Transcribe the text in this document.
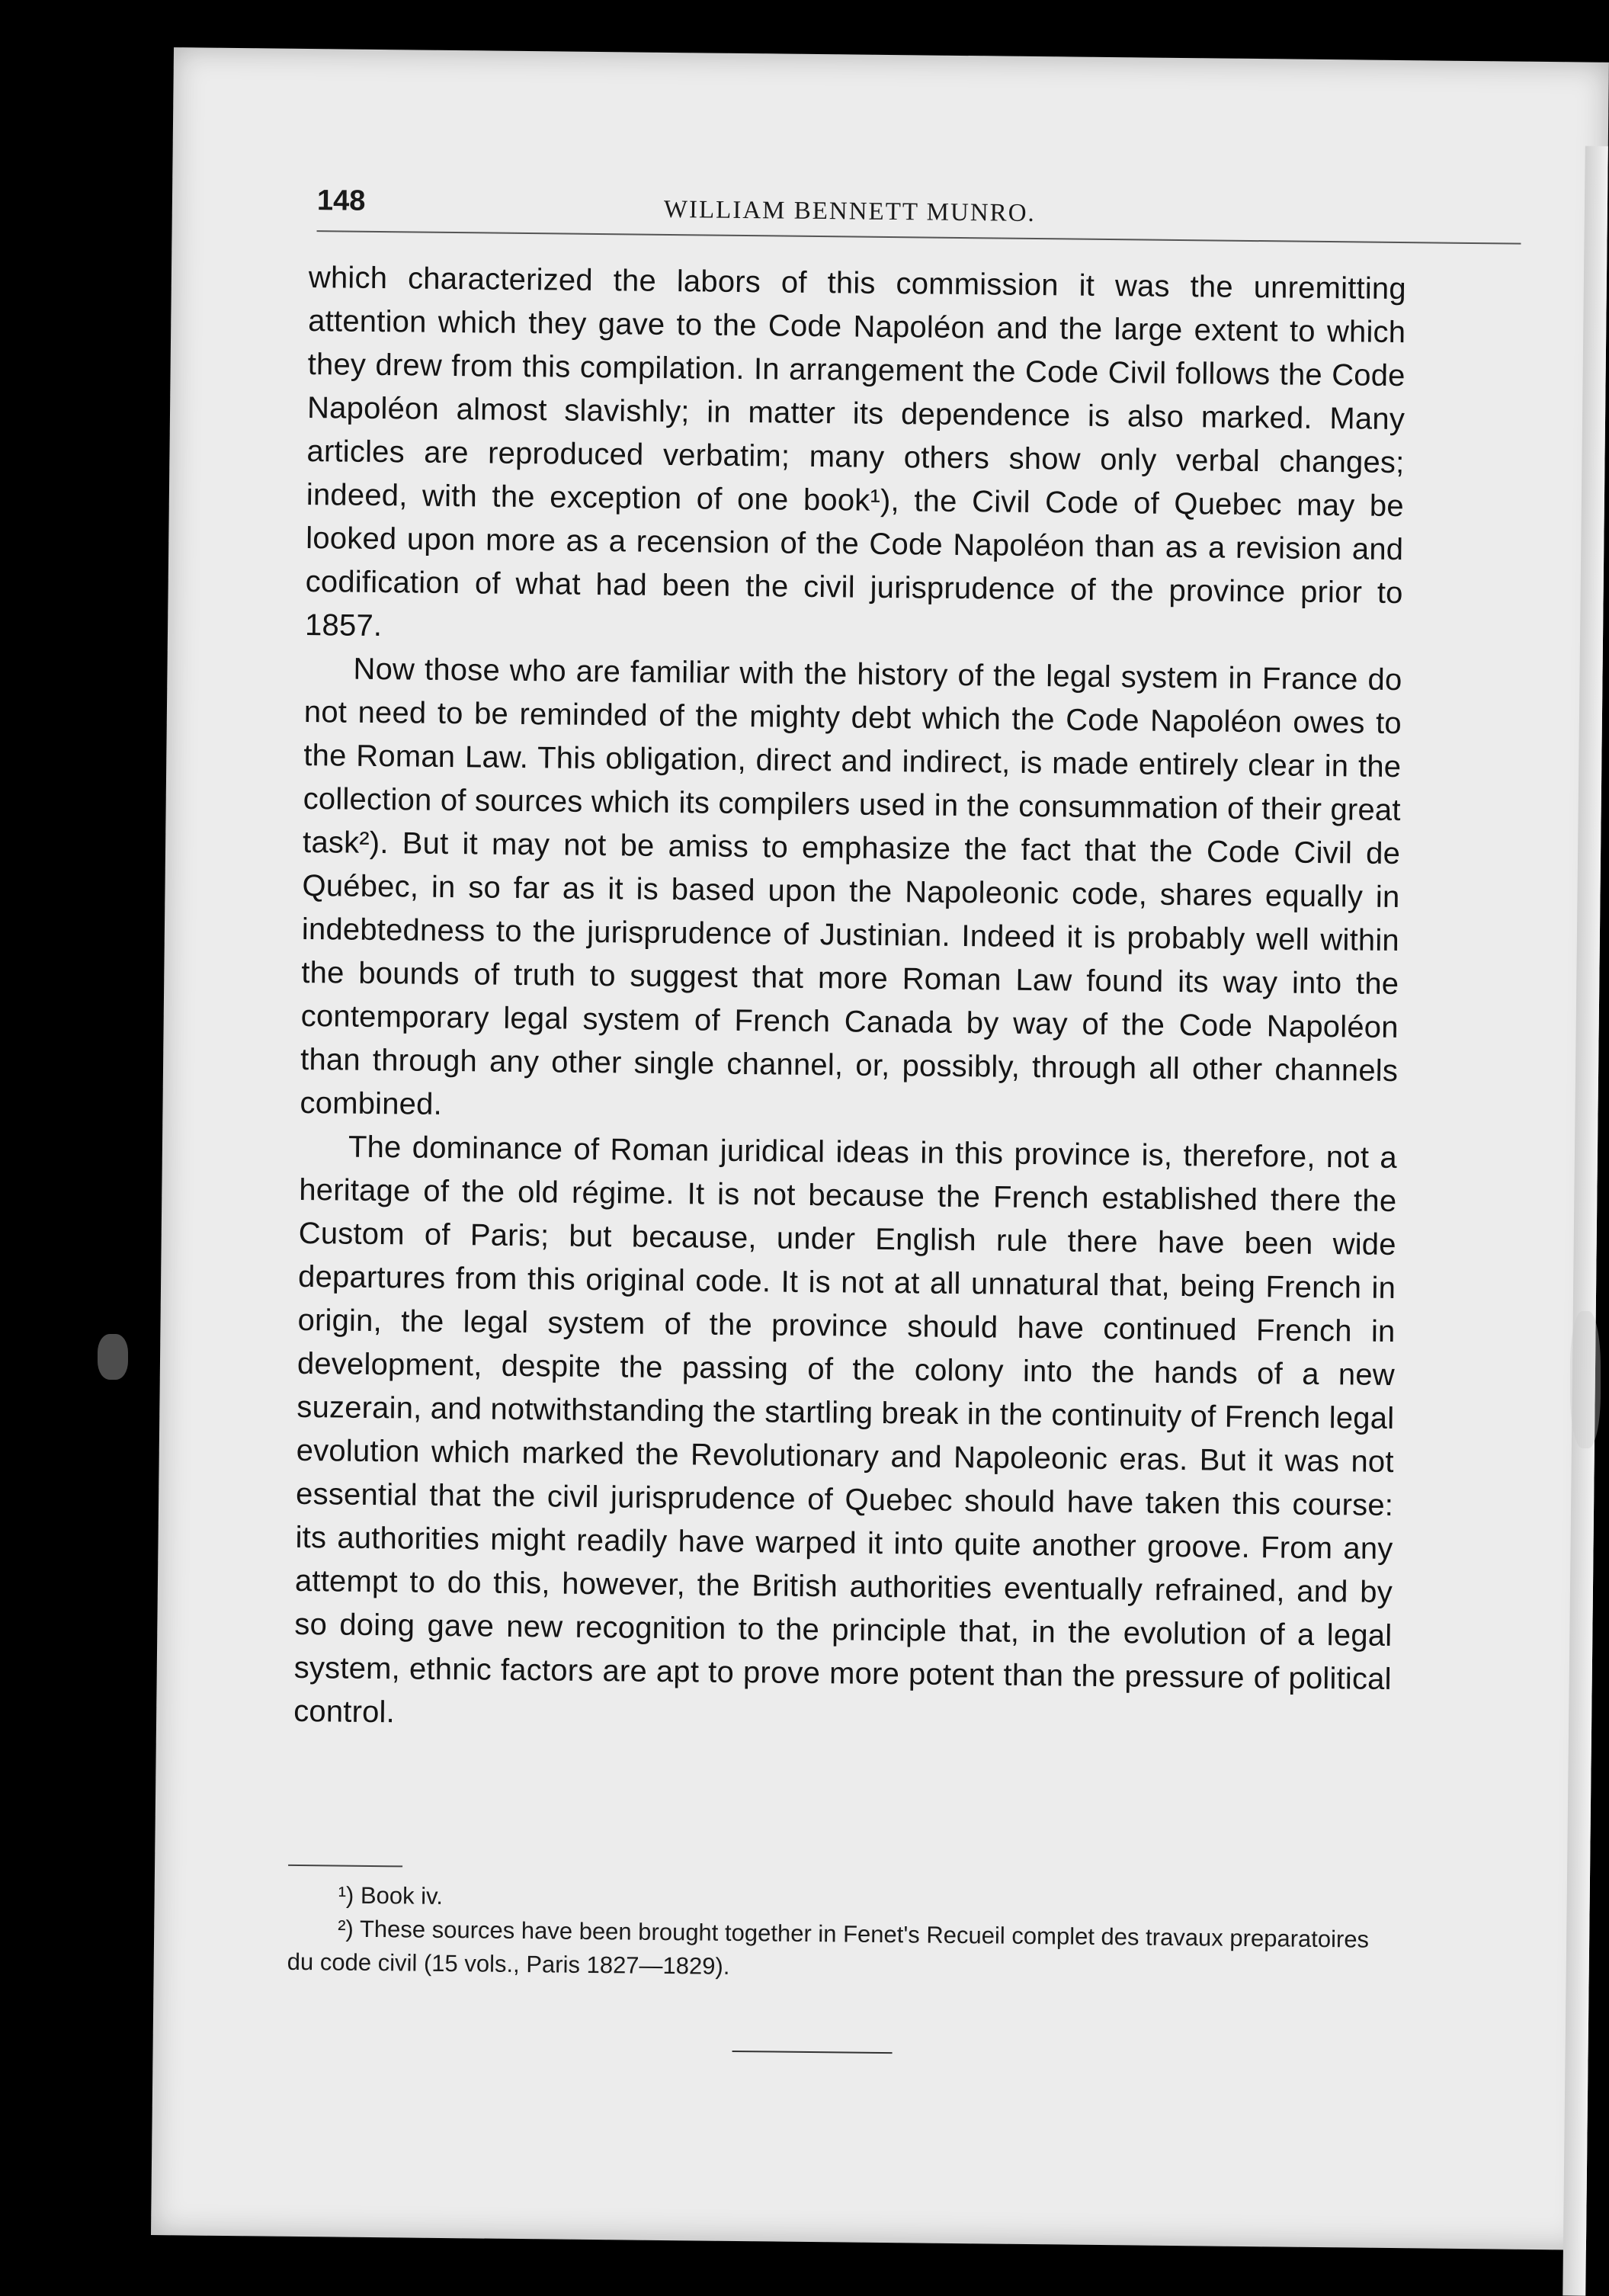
148	WILLIAM BENNETT MUNRO.

which characterized the labors of this commission it was the unremitting attention which they gave to the Code Napoléon and the large extent to which they drew from this compilation. In arrangement the Code Civil follows the Code Napoléon almost slavishly; in matter its dependence is also marked. Many articles are reproduced verbatim; many others show only verbal changes; indeed, with the exception of one book¹), the Civil Code of Quebec may be looked upon more as a recension of the Code Napoléon than as a revision and codification of what had been the civil jurisprudence of the province prior to 1857.

Now those who are familiar with the history of the legal system in France do not need to be reminded of the mighty debt which the Code Napoléon owes to the Roman Law. This obligation, direct and indirect, is made entirely clear in the collection of sources which its compilers used in the consummation of their great task²). But it may not be amiss to emphasize the fact that the Code Civil de Québec, in so far as it is based upon the Napoleonic code, shares equally in indebtedness to the jurisprudence of Justinian. Indeed it is probably well within the bounds of truth to suggest that more Roman Law found its way into the contemporary legal system of French Canada by way of the Code Napoléon than through any other single channel, or, possibly, through all other channels combined.

The dominance of Roman juridical ideas in this province is, therefore, not a heritage of the old régime. It is not because the French established there the Custom of Paris; but because, under English rule there have been wide departures from this original code. It is not at all unnatural that, being French in origin, the legal system of the province should have continued French in development, despite the passing of the colony into the hands of a new suzerain, and notwithstanding the startling break in the continuity of French legal evolution which marked the Revolutionary and Napoleonic eras. But it was not essential that the civil jurisprudence of Quebec should have taken this course: its authorities might readily have warped it into quite another groove. From any attempt to do this, however, the British authorities eventually refrained, and by so doing gave new recognition to the principle that, in the evolution of a legal system, ethnic factors are apt to prove more potent than the pressure of political control.

¹) Book iv.

²) These sources have been brought together in Fenet's Recueil complet des travaux preparatoires du code civil (15 vols., Paris 1827—1829).
